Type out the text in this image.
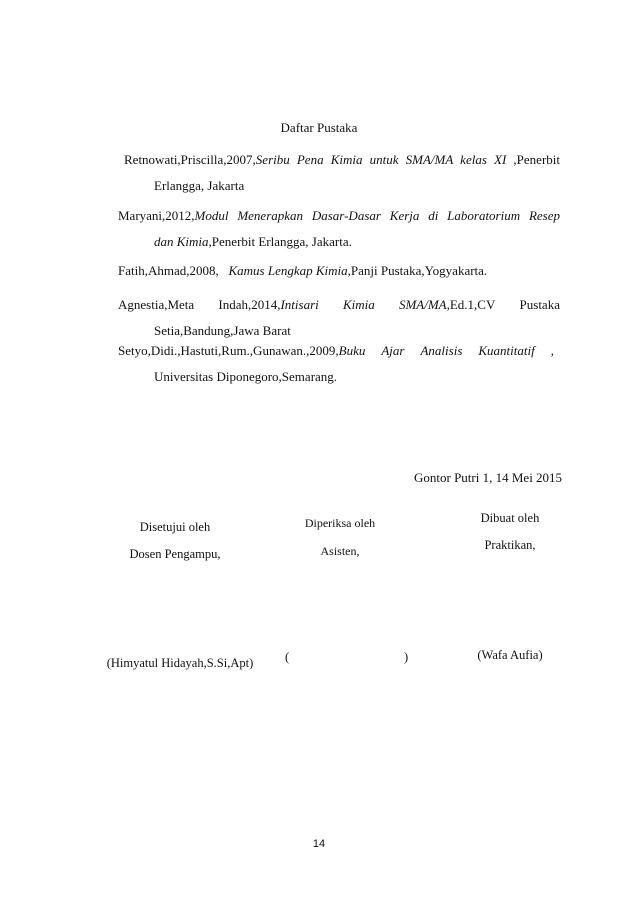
Daftar Pustaka
Retnowati,Priscilla,2007,Seribu Pena Kimia untuk SMA/MA kelas XI ,Penerbit
Erlangga, Jakarta
Maryani,2012,Modul Menerapkan Dasar-Dasar Kerja di Laboratorium Resep
dan Kimia,Penerbit Erlangga, Jakarta.
Fatih,Ahmad,2008,   Kamus Lengkap Kimia,Panji Pustaka,Yogyakarta.
Agnestia,Meta Indah,2014,Intisari Kimia SMA/MA,Ed.1,CV Pustaka
Setia,Bandung,Jawa Barat
Setyo,Didi.,Hastuti,Rum.,Gunawan.,2009,Buku Ajar Analisis Kuantitatif ,
Universitas Diponegoro,Semarang.
Gontor Putri 1, 14 Mei 2015
Disetujui oleh
Dosen Pengampu,
(Himyatul Hidayah,S.Si,Apt)
Diperiksa oleh
Asisten,
(	)
Dibuat oleh
Praktikan,
(Wafa Aufia)
14
